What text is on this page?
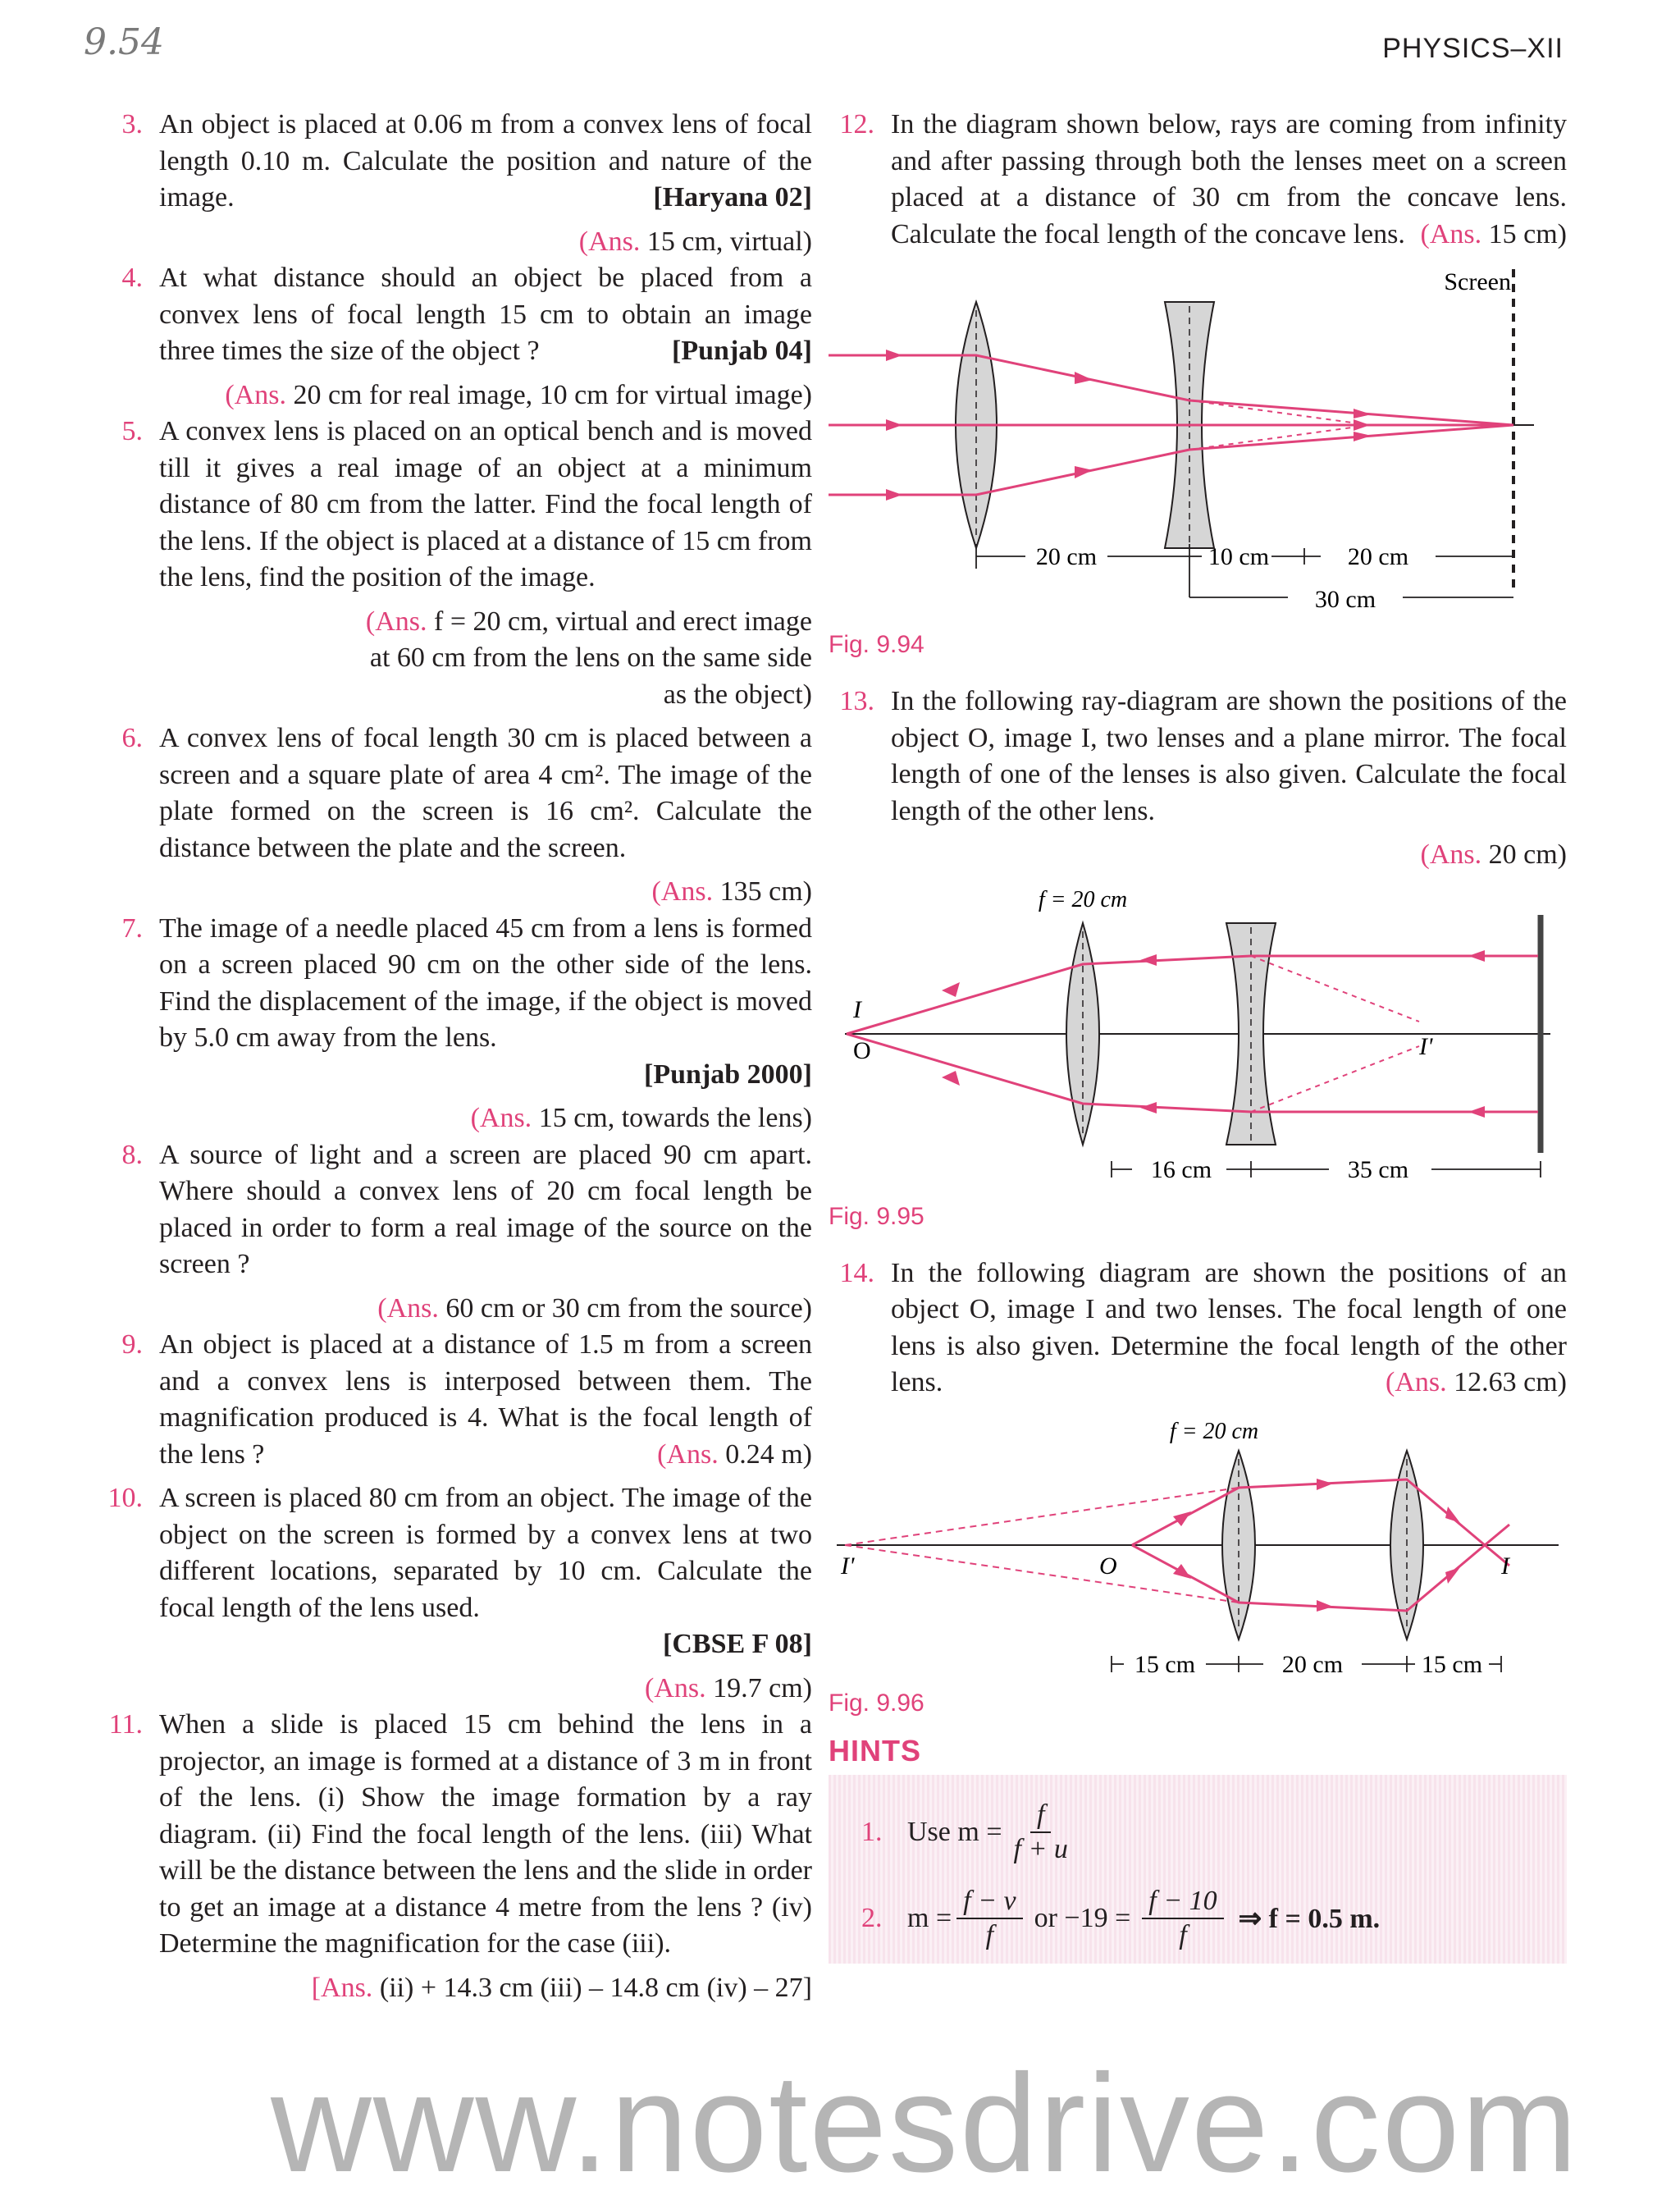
9.54	PHYSICS–XII
3. An object is placed at 0.06 m from a convex lens of focal length 0.10 m. Calculate the position and nature of the image.	[Haryana 02]
(Ans. 15 cm, virtual)
4. At what distance should an object be placed from a convex lens of focal length 15 cm to obtain an image three times the size of the object ?	[Punjab 04]
(Ans. 20 cm for real image, 10 cm for virtual image)
5. A convex lens is placed on an optical bench and is moved till it gives a real image of an object at a minimum distance of 80 cm from the latter. Find the focal length of the lens. If the object is placed at a distance of 15 cm from the lens, find the position of the image.
(Ans. f = 20 cm, virtual and erect image at 60 cm from the lens on the same side as the object)
6. A convex lens of focal length 30 cm is placed between a screen and a square plate of area 4 cm². The image of the plate formed on the screen is 16 cm². Calculate the distance between the plate and the screen.
(Ans. 135 cm)
7. The image of a needle placed 45 cm from a lens is formed on a screen placed 90 cm on the other side of the lens. Find the displacement of the image, if the object is moved by 5.0 cm away from the lens.
[Punjab 2000]
(Ans. 15 cm, towards the lens)
8. A source of light and a screen are placed 90 cm apart. Where should a convex lens of 20 cm focal length be placed in order to form a real image of the source on the screen ?
(Ans. 60 cm or 30 cm from the source)
9. An object is placed at a distance of 1.5 m from a screen and a convex lens is interposed between them. The magnification produced is 4. What is the focal length of the lens ?	(Ans. 0.24 m)
10. A screen is placed 80 cm from an object. The image of the object on the screen is formed by a convex lens at two different locations, separated by 10 cm. Calculate the focal length of the lens used.
[CBSE F 08]
(Ans. 19.7 cm)
11. When a slide is placed 15 cm behind the lens in a projector, an image is formed at a distance of 3 m in front of the lens. (i) Show the image formation by a ray diagram. (ii) Find the focal length of the lens. (iii) What will be the distance between the lens and the slide in order to get an image at a distance 4 metre from the lens ? (iv) Determine the magnification for the case (iii).
[Ans. (ii) + 14.3 cm (iii) – 14.8 cm (iv) – 27]
12. In the diagram shown below, rays are coming from infinity and after passing through both the lenses meet on a screen placed at a distance of 30 cm from the concave lens. Calculate the focal length of the concave lens. (Ans. 15 cm)
Screen
20 cm	10 cm	20 cm
30 cm
Fig. 9.94
13. In the following ray-diagram are shown the positions of the object O, image I, two lenses and a plane mirror. The focal length of one of the lenses is also given. Calculate the focal length of the other lens.
(Ans. 20 cm)
f = 20 cm
I
O	I'
16 cm	35 cm
Fig. 9.95
14. In the following diagram are shown the positions of an object O, image I and two lenses. The focal length of one lens is also given. Determine the focal length of the other lens.	(Ans. 12.63 cm)
f = 20 cm
I'	O	I
15 cm	20 cm	15 cm
Fig. 9.96
HINTS
1. Use $m = \frac{f}{f + u}$
2. $m = \frac{f - v}{f}$ or $-19 = \frac{f - 10}{f}$ ⇒ f = 0.5 m.
www.notesdrive.com
